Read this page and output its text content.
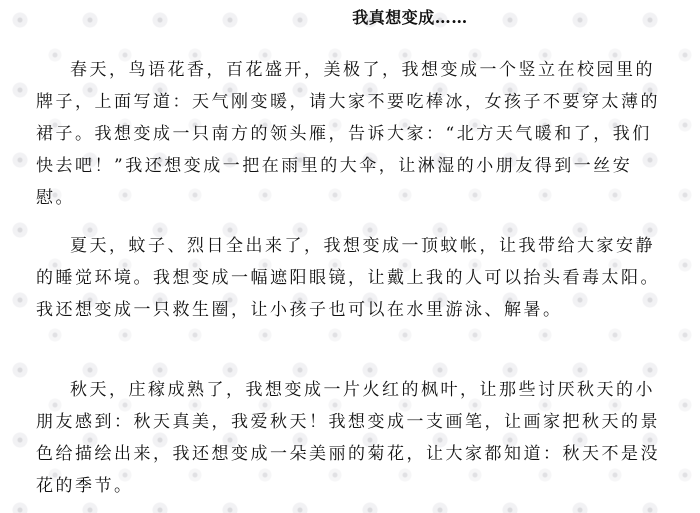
我真想变成……

春天，鸟语花香，百花盛开，美极了，我想变成一个竖立在校园里的牌子，上面写道：天气刚变暖，请大家不要吃棒冰，女孩子不要穿太薄的裙子。我想变成一只南方的领头雁，告诉大家：“北方天气暖和了，我们快去吧！”我还想变成一把在雨里的大伞，让淋湿的小朋友得到一丝安慰。

夏天，蚊子、烈日全出来了，我想变成一顶蚊帐，让我带给大家安静的睡觉环境。我想变成一幅遮阳眼镜，让戴上我的人可以抬头看毒太阳。我还想变成一只救生圈，让小孩子也可以在水里游泳、解暑。

秋天，庄稼成熟了，我想变成一片火红的枫叶，让那些讨厌秋天的小朋友感到：秋天真美，我爱秋天！我想变成一支画笔，让画家把秋天的景色给描绘出来，我还想变成一朵美丽的菊花，让大家都知道：秋天不是没花的季节。
